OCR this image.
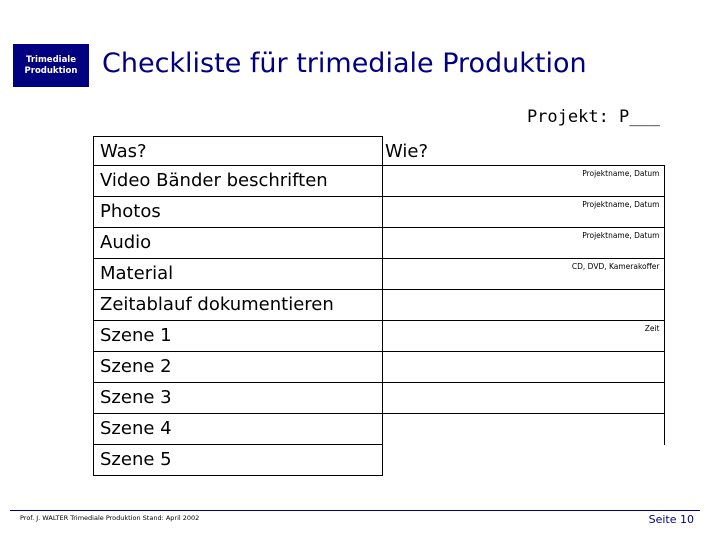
Trimediale
Produktion Checkliste für trimediale Produktion
Projekt: P___
Was?	Wie?

Video Bänder beschriften	Projektname, Datum

Photos	Projektname, Datum

Audio	Projektname, Datum

Material	CD, DVD, Kamerakoffer

Zeitablauf dokumentieren	

Szene 1	Zeit

Szene 2	

Szene 3	

Szene 4	

Szene 5	

Prof. J. WALTER Trimediale Produktion Stand: April 2002	Seite 10
